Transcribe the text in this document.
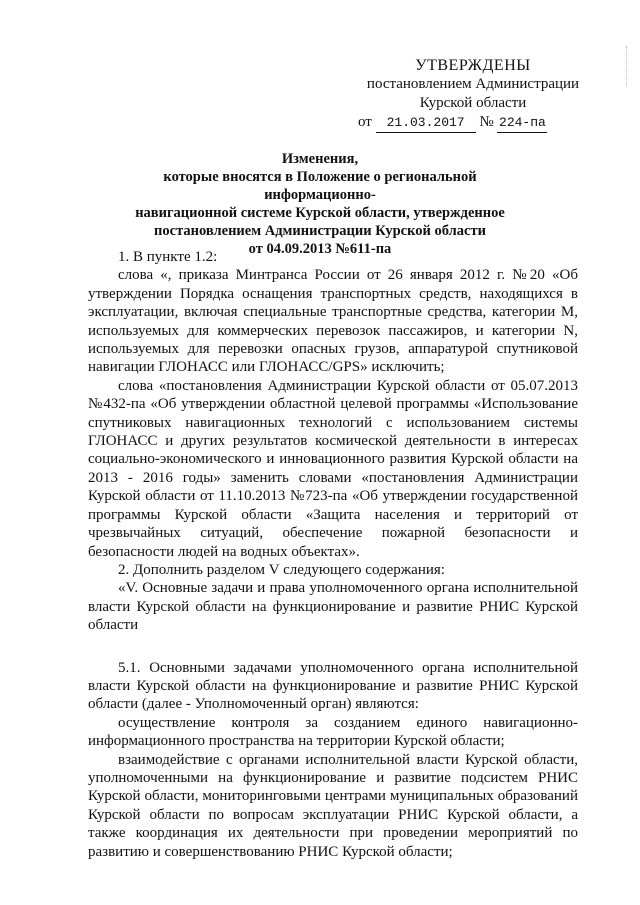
УТВЕРЖДЕНЫ
постановлением Администрации
Курской области
от 21.03.2017 № 224-па
Изменения,
которые вносятся в Положение о региональной информационно-
навигационной системе Курской области, утвержденное
постановлением Администрации Курской области
от 04.09.2013 №611-па

1. В пункте 1.2:

слова «, приказа Минтранса России от 26 января 2012 г. №20 «Об утверждении Порядка оснащения транспортных средств, находящихся в эксплуатации, включая специальные транспортные средства, категории М, используемых для коммерческих перевозок пассажиров, и категории N, используемых для перевозки опасных грузов, аппаратурой спутниковой навигации ГЛОНАСС или ГЛОНАСС/GPS» исключить;

слова «постановления Администрации Курской области от 05.07.2013 №432-па «Об утверждении областной целевой программы «Использование спутниковых навигационных технологий с использованием системы ГЛОНАСС и других результатов космической деятельности в интересах социально-экономического и инновационного развития Курской области на 2013 - 2016 годы» заменить словами «постановления Администрации Курской области от 11.10.2013 №723-па «Об утверждении государственной программы Курской области «Защита населения и территорий от чрезвычайных ситуаций, обеспечение пожарной безопасности и безопасности людей на водных объектах».

2. Дополнить разделом V следующего содержания:

«V. Основные задачи и права уполномоченного органа исполнительной власти Курской области на функционирование и развитие РНИС Курской области

5.1. Основными задачами уполномоченного органа исполнительной власти Курской области на функционирование и развитие РНИС Курской области (далее - Уполномоченный орган) являются:

осуществление контроля за созданием единого навигационно-информационного пространства на территории Курской области;

взаимодействие с органами исполнительной власти Курской области, уполномоченными на функционирование и развитие подсистем РНИС Курской области, мониторинговыми центрами муниципальных образований Курской области по вопросам эксплуатации РНИС Курской области, а также координация их деятельности при проведении мероприятий по развитию и совершенствованию РНИС Курской области;
